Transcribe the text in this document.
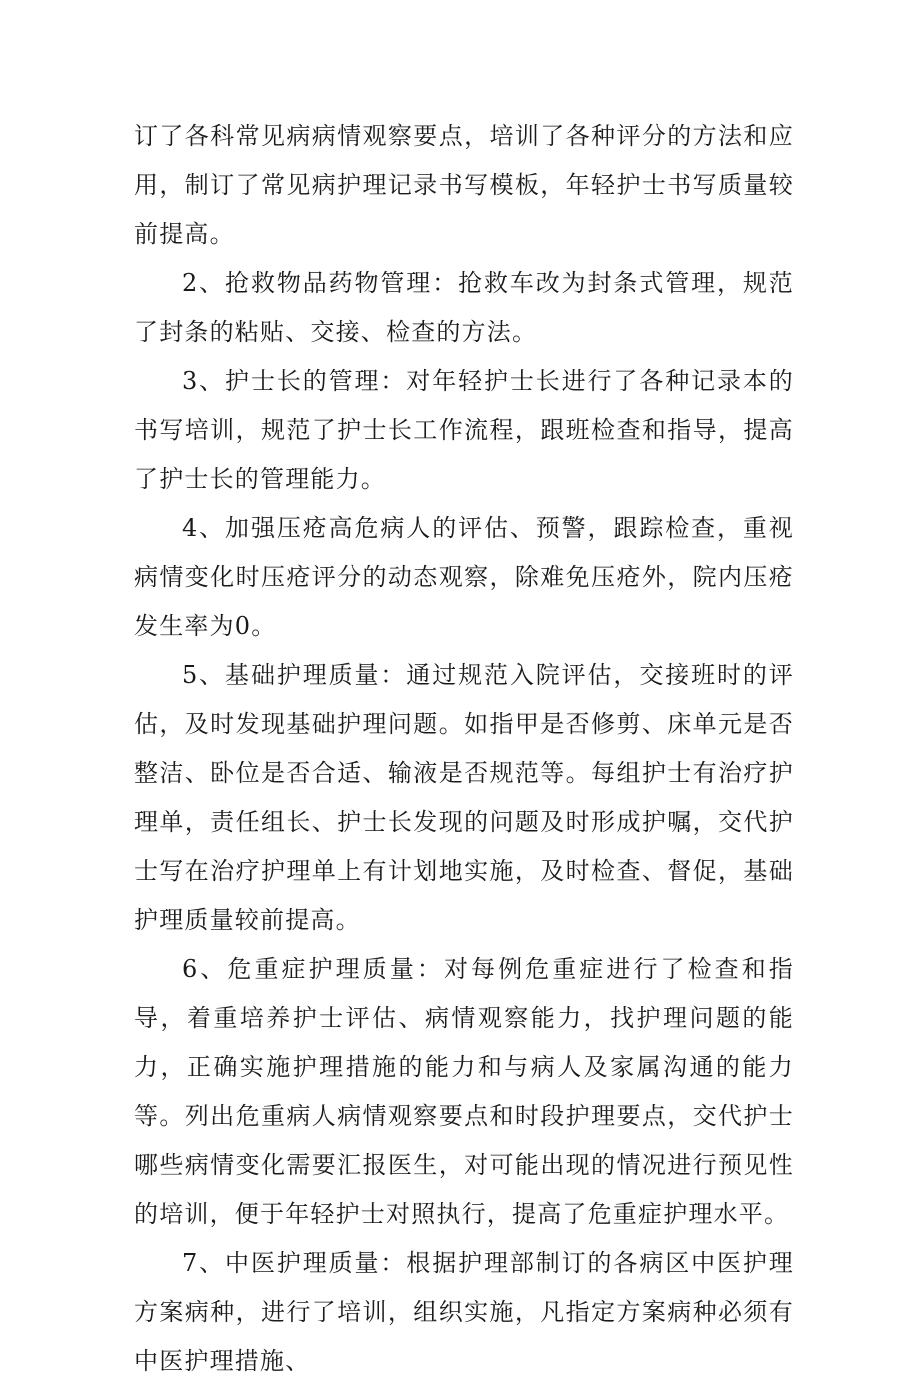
订了各科常见病病情观察要点，培训了各种评分的方法和应用，制订了常见病护理记录书写模板，年轻护士书写质量较前提高。

2、抢救物品药物管理：抢救车改为封条式管理，规范了封条的粘贴、交接、检查的方法。

3、护士长的管理：对年轻护士长进行了各种记录本的书写培训，规范了护士长工作流程，跟班检查和指导，提高了护士长的管理能力。

4、加强压疮高危病人的评估、预警，跟踪检查，重视病情变化时压疮评分的动态观察，除难免压疮外，院内压疮发生率为0。

5、基础护理质量：通过规范入院评估，交接班时的评估，及时发现基础护理问题。如指甲是否修剪、床单元是否整洁、卧位是否合适、输液是否规范等。每组护士有治疗护理单，责任组长、护士长发现的问题及时形成护嘱，交代护士写在治疗护理单上有计划地实施，及时检查、督促，基础护理质量较前提高。

6、危重症护理质量：对每例危重症进行了检查和指导，着重培养护士评估、病情观察能力，找护理问题的能力，正确实施护理措施的能力和与病人及家属沟通的能力等。列出危重病人病情观察要点和时段护理要点，交代护士哪些病情变化需要汇报医生，对可能出现的情况进行预见性的培训，便于年轻护士对照执行，提高了危重症护理水平。

7、中医护理质量：根据护理部制订的各病区中医护理方案病种，进行了培训，组织实施，凡指定方案病种必须有中医护理措施、
